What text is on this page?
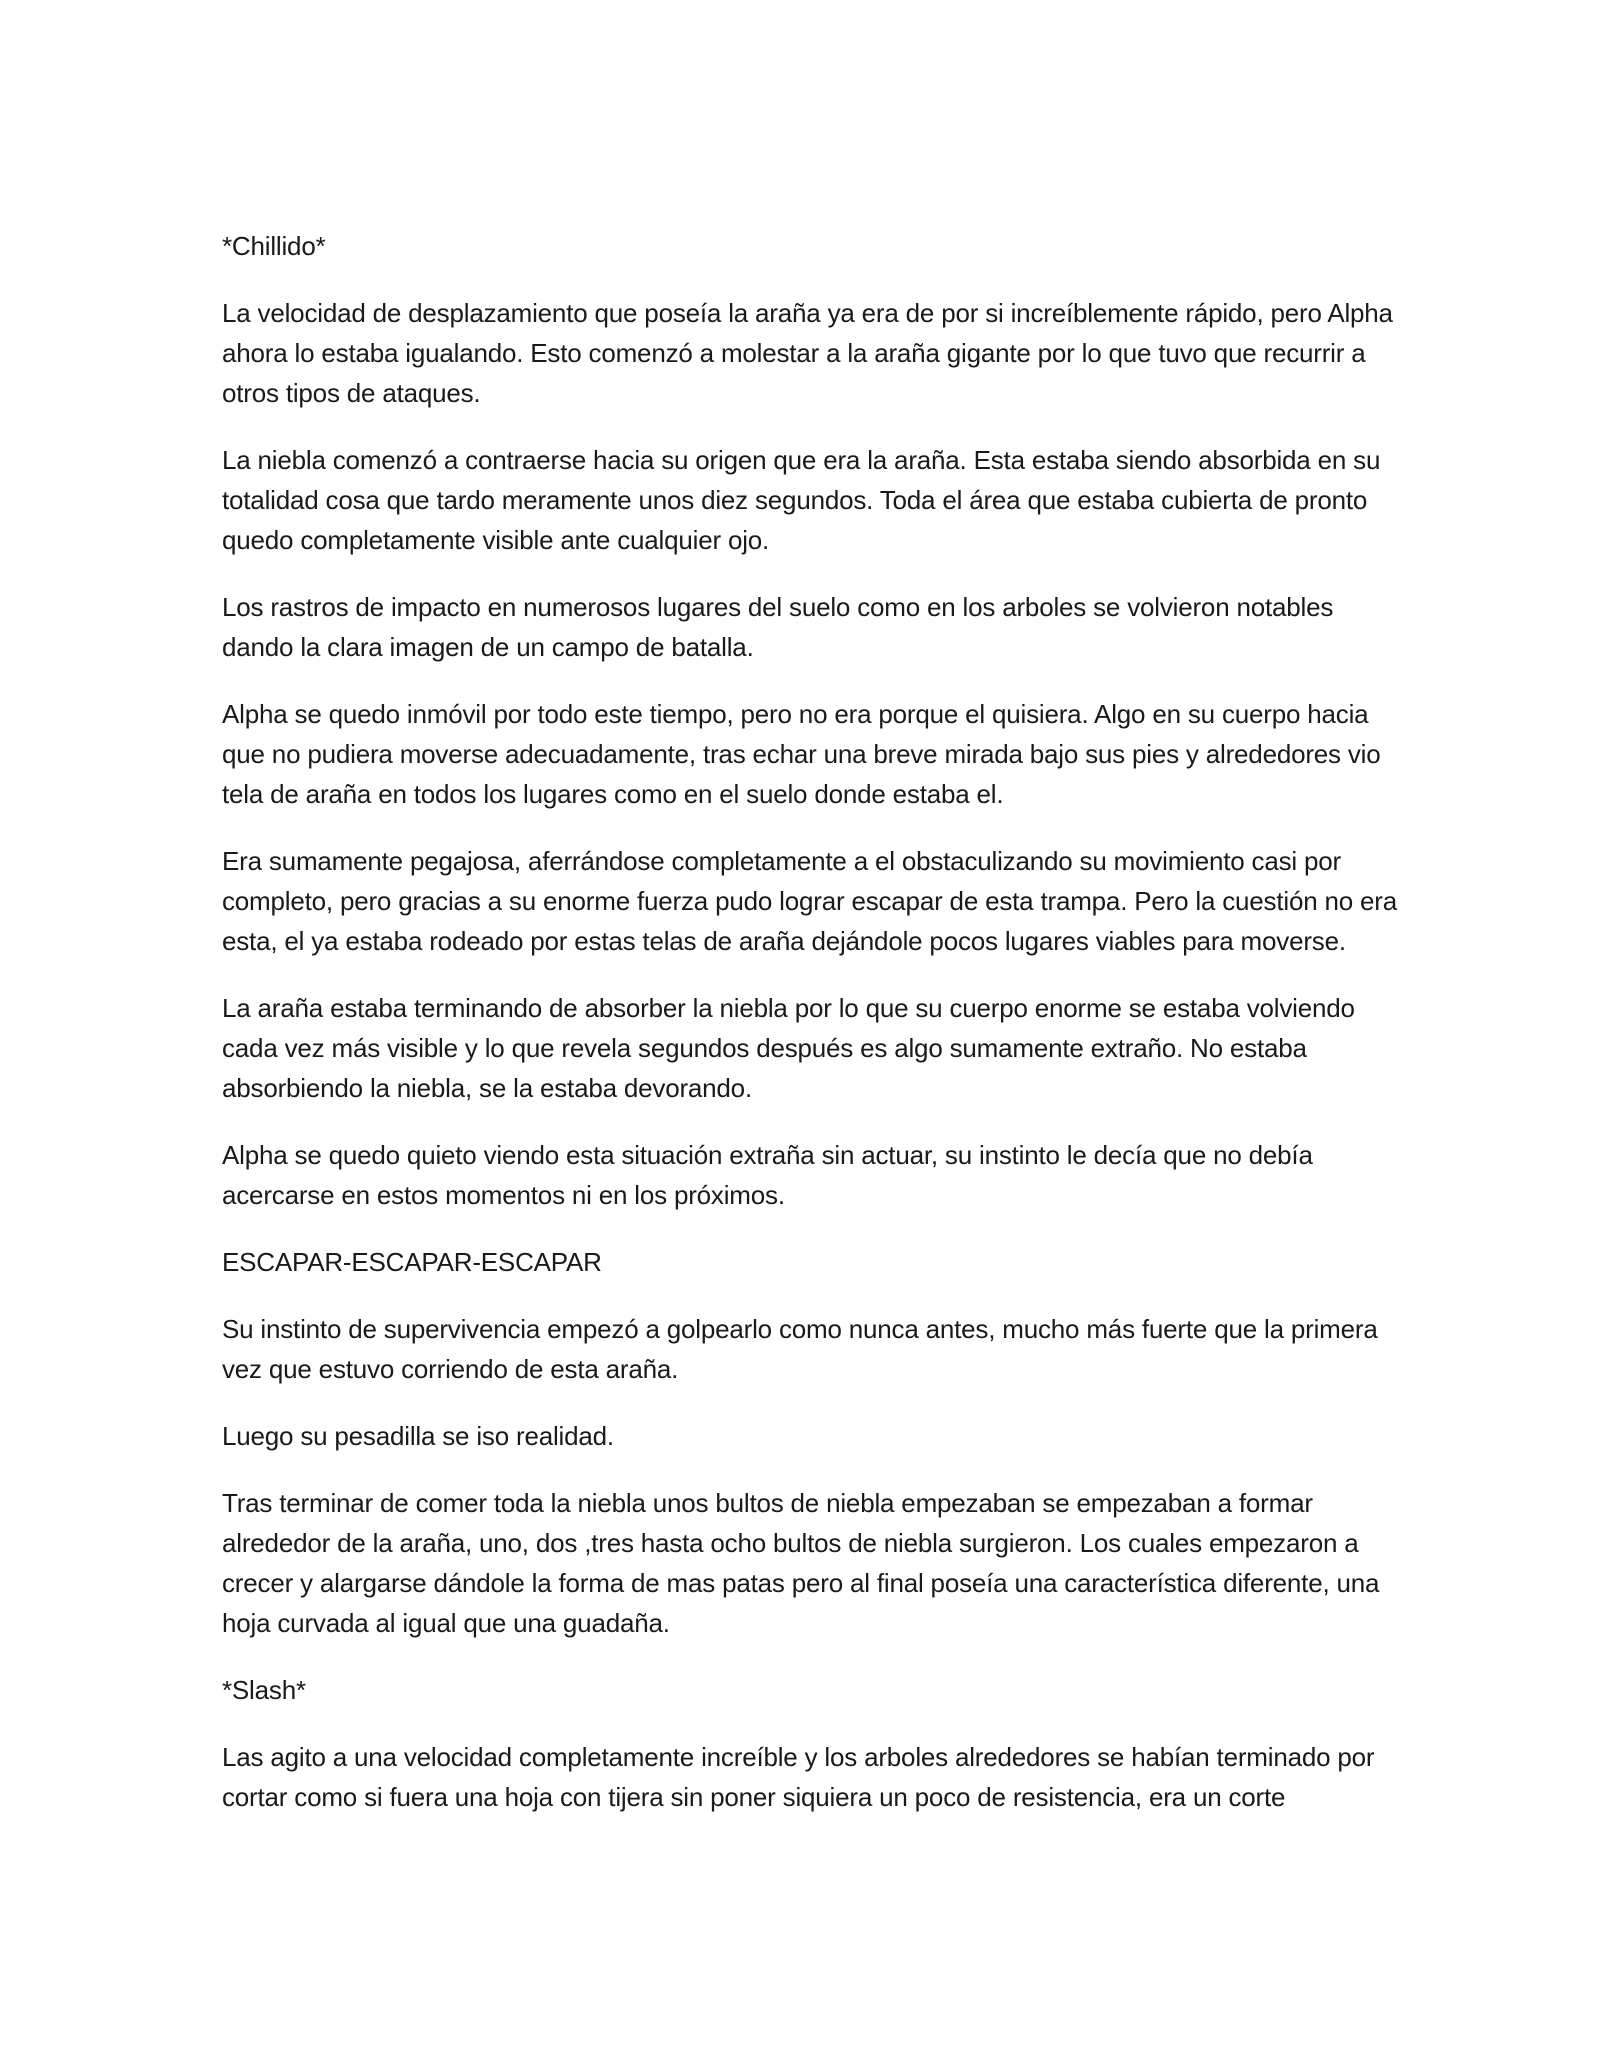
*Chillido*

La velocidad de desplazamiento que poseía la araña ya era de por si increíblemente rápido, pero Alpha ahora lo estaba igualando. Esto comenzó a molestar a la araña gigante por lo que tuvo que recurrir a otros tipos de ataques.

La niebla comenzó a contraerse hacia su origen que era la araña. Esta estaba siendo absorbida en su totalidad cosa que tardo meramente unos diez segundos. Toda el área que estaba cubierta de pronto quedo completamente visible ante cualquier ojo.

Los rastros de impacto en numerosos lugares del suelo como en los arboles se volvieron notables dando la clara imagen de un campo de batalla.

Alpha se quedo inmóvil por todo este tiempo, pero no era porque el quisiera. Algo en su cuerpo hacia que no pudiera moverse adecuadamente, tras echar una breve mirada bajo sus pies y alrededores vio tela de araña en todos los lugares como en el suelo donde estaba el.

Era sumamente pegajosa, aferrándose completamente a el obstaculizando su movimiento casi por completo, pero gracias a su enorme fuerza pudo lograr escapar de esta trampa. Pero la cuestión no era esta, el ya estaba rodeado por estas telas de araña dejándole pocos lugares viables para moverse.

La araña estaba terminando de absorber la niebla por lo que su cuerpo enorme se estaba volviendo cada vez más visible y lo que revela segundos después es algo sumamente extraño. No estaba absorbiendo la niebla, se la estaba devorando.

Alpha se quedo quieto viendo esta situación extraña sin actuar, su instinto le decía que no debía acercarse en estos momentos ni en los próximos.

ESCAPAR-ESCAPAR-ESCAPAR

Su instinto de supervivencia empezó a golpearlo como nunca antes, mucho más fuerte que la primera vez que estuvo corriendo de esta araña.

Luego su pesadilla se iso realidad.

Tras terminar de comer toda la niebla unos bultos de niebla empezaban se empezaban a formar alrededor de la araña, uno, dos ,tres hasta ocho bultos de niebla surgieron. Los cuales empezaron a crecer y alargarse dándole la forma de mas patas pero al final poseía una característica diferente, una hoja curvada al igual que una guadaña.

*Slash*

Las agito a una velocidad completamente increíble y los arboles alrededores se habían terminado por cortar como si fuera una hoja con tijera sin poner siquiera un poco de resistencia, era un corte
